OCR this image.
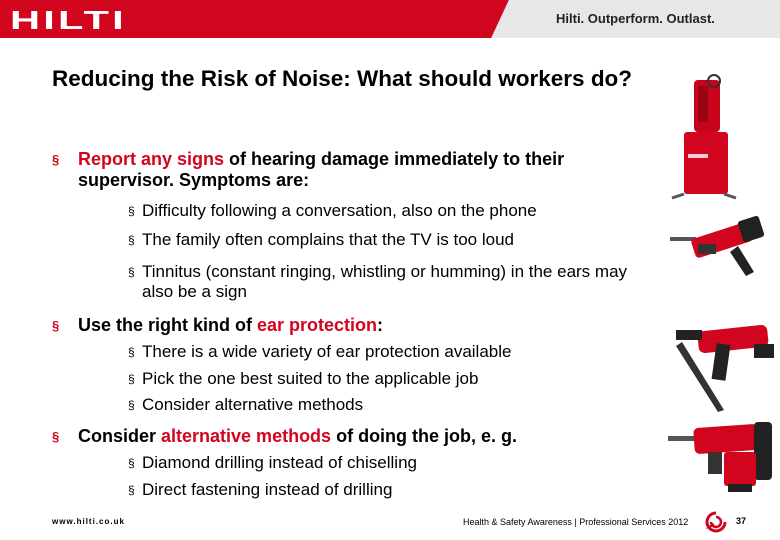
HILTI	Hilti. Outperform. Outlast.
Reducing the Risk of Noise: What should workers do?
§	Report any signs of hearing damage immediately to their supervisor. Symptoms are:
§ Difficulty following a conversation, also on the phone
§ The family often complains that the TV is too loud
§ Tinnitus (constant ringing, whistling or humming) in the ears may also be a sign
§	Use the right kind of ear protection:
§ There is a wide variety of ear protection available
§ Pick the one best suited to the applicable job
§ Consider alternative methods
§	Consider alternative methods of doing the job, e. g.
§ Diamond drilling instead of chiselling
§ Direct fastening instead of drilling
www.hilti.co.uk	Health & Safety Awareness | Professional Services 2012	37
